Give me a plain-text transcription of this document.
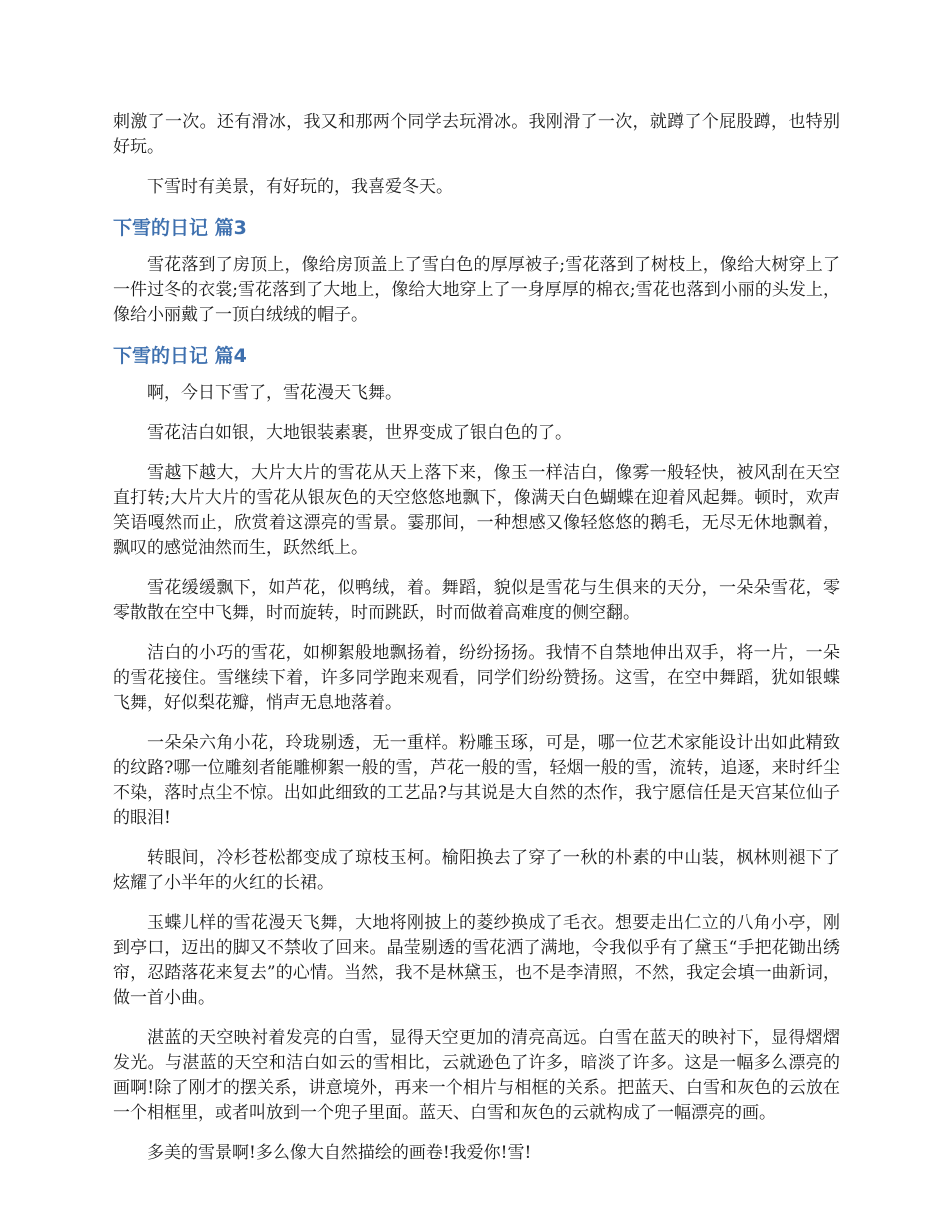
刺激了一次。还有滑冰，我又和那两个同学去玩滑冰。我刚滑了一次，就蹲了个屁股蹲，也特别好玩。

下雪时有美景，有好玩的，我喜爱冬天。

下雪的日记 篇3

雪花落到了房顶上，像给房顶盖上了雪白色的厚厚被子;雪花落到了树枝上，像给大树穿上了一件过冬的衣裳;雪花落到了大地上，像给大地穿上了一身厚厚的棉衣;雪花也落到小丽的头发上，像给小丽戴了一顶白绒绒的帽子。

下雪的日记 篇4

啊，今日下雪了，雪花漫天飞舞。

雪花洁白如银，大地银装素裹，世界变成了银白色的了。

雪越下越大，大片大片的雪花从天上落下来，像玉一样洁白，像雾一般轻快，被风刮在天空直打转;大片大片的雪花从银灰色的天空悠悠地飘下，像满天白色蝴蝶在迎着风起舞。顿时，欢声笑语嘎然而止，欣赏着这漂亮的雪景。霎那间，一种想感又像轻悠悠的鹅毛，无尽无休地飘着，飘叹的感觉油然而生，跃然纸上。

雪花缓缓飘下，如芦花，似鸭绒，着。舞蹈，貌似是雪花与生俱来的天分，一朵朵雪花，零零散散在空中飞舞，时而旋转，时而跳跃，时而做着高难度的侧空翻。

洁白的小巧的雪花，如柳絮般地飘扬着，纷纷扬扬。我情不自禁地伸出双手，将一片，一朵的雪花接住。雪继续下着，许多同学跑来观看，同学们纷纷赞扬。这雪，在空中舞蹈，犹如银蝶飞舞，好似梨花瓣，悄声无息地落着。

一朵朵六角小花，玲珑剔透，无一重样。粉雕玉琢，可是，哪一位艺术家能设计出如此精致的纹路?哪一位雕刻者能雕柳絮一般的雪，芦花一般的雪，轻烟一般的雪，流转，追逐，来时纤尘不染，落时点尘不惊。出如此细致的工艺品?与其说是大自然的杰作，我宁愿信任是天宫某位仙子的眼泪!

转眼间，冷杉苍松都变成了琼枝玉柯。榆阳换去了穿了一秋的朴素的中山装，枫林则褪下了炫耀了小半年的火红的长裙。

玉蝶儿样的雪花漫天飞舞，大地将刚披上的菱纱换成了毛衣。想要走出仁立的八角小亭，刚到亭口，迈出的脚又不禁收了回来。晶莹剔透的雪花洒了满地，令我似乎有了黛玉“手把花锄出绣帘，忍踏落花来复去”的心情。当然，我不是林黛玉，也不是李清照，不然，我定会填一曲新词，做一首小曲。

湛蓝的天空映衬着发亮的白雪，显得天空更加的清亮高远。白雪在蓝天的映衬下，显得熠熠发光。与湛蓝的天空和洁白如云的雪相比，云就逊色了许多，暗淡了许多。这是一幅多么漂亮的画啊!除了刚才的摆关系，讲意境外，再来一个相片与相框的关系。把蓝天、白雪和灰色的云放在一个相框里，或者叫放到一个兜子里面。蓝天、白雪和灰色的云就构成了一幅漂亮的画。

多美的雪景啊!多么像大自然描绘的画卷!我爱你!雪!
